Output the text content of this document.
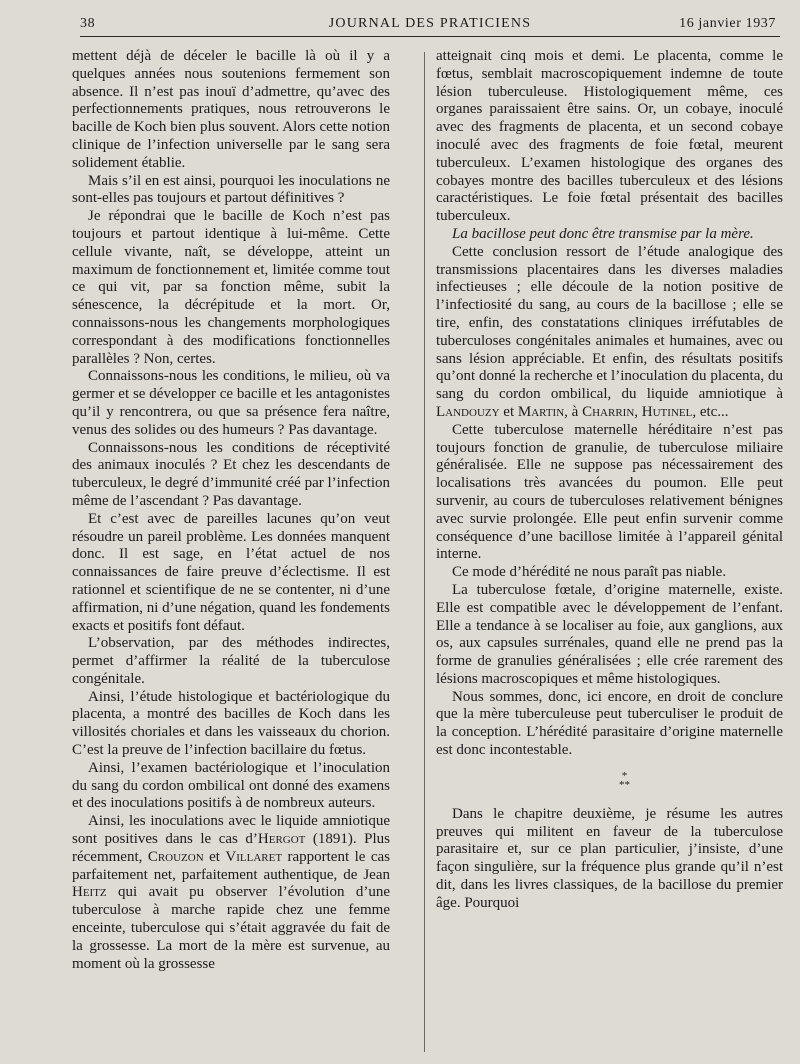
38	JOURNAL DES PRATICIENS	16 janvier 1937

mettent déjà de déceler le bacille là où il y a quelques années nous soutenions fermement son absence. Il n’est pas inouï d’admettre, qu’avec des perfectionnements pratiques, nous retrouverons le bacille de Koch bien plus souvent. Alors cette notion clinique de l’infection universelle par le sang sera solidement établie.

Mais s’il en est ainsi, pourquoi les inoculations ne sont-elles pas toujours et partout définitives ?

Je répondrai que le bacille de Koch n’est pas toujours et partout identique à lui-même. Cette cellule vivante, naît, se développe, atteint un maximum de fonctionnement et, limitée comme tout ce qui vit, par sa fonction même, subit la sénescence, la décrépitude et la mort. Or, connaissons-nous les changements morphologiques correspondant à des modifications fonctionnelles parallèles ? Non, certes.

Connaissons-nous les conditions, le milieu, où va germer et se développer ce bacille et les antagonistes qu’il y rencontrera, ou que sa présence fera naître, venus des solides ou des humeurs ? Pas davantage.

Connaissons-nous les conditions de réceptivité des animaux inoculés ? Et chez les descendants de tuberculeux, le degré d’immunité créé par l’infection même de l’ascendant ? Pas davantage.

Et c’est avec de pareilles lacunes qu’on veut résoudre un pareil problème. Les données manquent donc. Il est sage, en l’état actuel de nos connaissances de faire preuve d’éclectisme. Il est rationnel et scientifique de ne se contenter, ni d’une affirmation, ni d’une négation, quand les fondements exacts et positifs font défaut.

L’observation, par des méthodes indirectes, permet d’affirmer la réalité de la tuberculose congénitale.

Ainsi, l’étude histologique et bactériologique du placenta, a montré des bacilles de Koch dans les villosités choriales et dans les vaisseaux du chorion. C’est la preuve de l’infection bacillaire du fœtus.

Ainsi, l’examen bactériologique et l’inoculation du sang du cordon ombilical ont donné des examens et des inoculations positifs à de nombreux auteurs.

Ainsi, les inoculations avec le liquide amniotique sont positives dans le cas d’Hergot (1891). Plus récemment, Crouzon et Villaret rapportent le cas parfaitement net, parfaitement authentique, de Jean Heitz qui avait pu observer l’évolution d’une tuberculose à marche rapide chez une femme enceinte, tuberculose qui s’était aggravée du fait de la grossesse. La mort de la mère est survenue, au moment où la grossesse

atteignait cinq mois et demi. Le placenta, comme le fœtus, semblait macroscopiquement indemne de toute lésion tuberculeuse. Histologiquement même, ces organes paraissaient être sains. Or, un cobaye, inoculé avec des fragments de placenta, et un second cobaye inoculé avec des fragments de foie fœtal, meurent tuberculeux. L’examen histologique des organes des cobayes montre des bacilles tuberculeux et des lésions caractéristiques. Le foie fœtal présentait des bacilles tuberculeux.

La bacillose peut donc être transmise par la mère.

Cette conclusion ressort de l’étude analogique des transmissions placentaires dans les diverses maladies infectieuses ; elle découle de la notion positive de l’infectiosité du sang, au cours de la bacillose ; elle se tire, enfin, des constatations cliniques irréfutables de tuberculoses congénitales animales et humaines, avec ou sans lésion appréciable. Et enfin, des résultats positifs qu’ont donné la recherche et l’inoculation du placenta, du sang du cordon ombilical, du liquide amniotique à Landouzy et Martin, à Charrin, Hutinel, etc...

Cette tuberculose maternelle héréditaire n’est pas toujours fonction de granulie, de tuberculose miliaire généralisée. Elle ne suppose pas nécessairement des localisations très avancées du poumon. Elle peut survenir, au cours de tuberculoses relativement bénignes avec survie prolongée. Elle peut enfin survenir comme conséquence d’une bacillose limitée à l’appareil génital interne.

Ce mode d’hérédité ne nous paraît pas niable.

La tuberculose fœtale, d’origine maternelle, existe. Elle est compatible avec le développement de l’enfant. Elle a tendance à se localiser au foie, aux ganglions, aux os, aux capsules surrénales, quand elle ne prend pas la forme de granulies généralisées ; elle crée rarement des lésions macroscopiques et même histologiques.

Nous sommes, donc, ici encore, en droit de conclure que la mère tuberculeuse peut tuberculiser le produit de la conception. L’hérédité parasitaire d’origine maternelle est donc incontestable.

*
**

Dans le chapitre deuxième, je résume les autres preuves qui militent en faveur de la tuberculose parasitaire et, sur ce plan particulier, j’insiste, d’une façon singulière, sur la fréquence plus grande qu’il n’est dit, dans les livres classiques, de la bacillose du premier âge. Pourquoi
